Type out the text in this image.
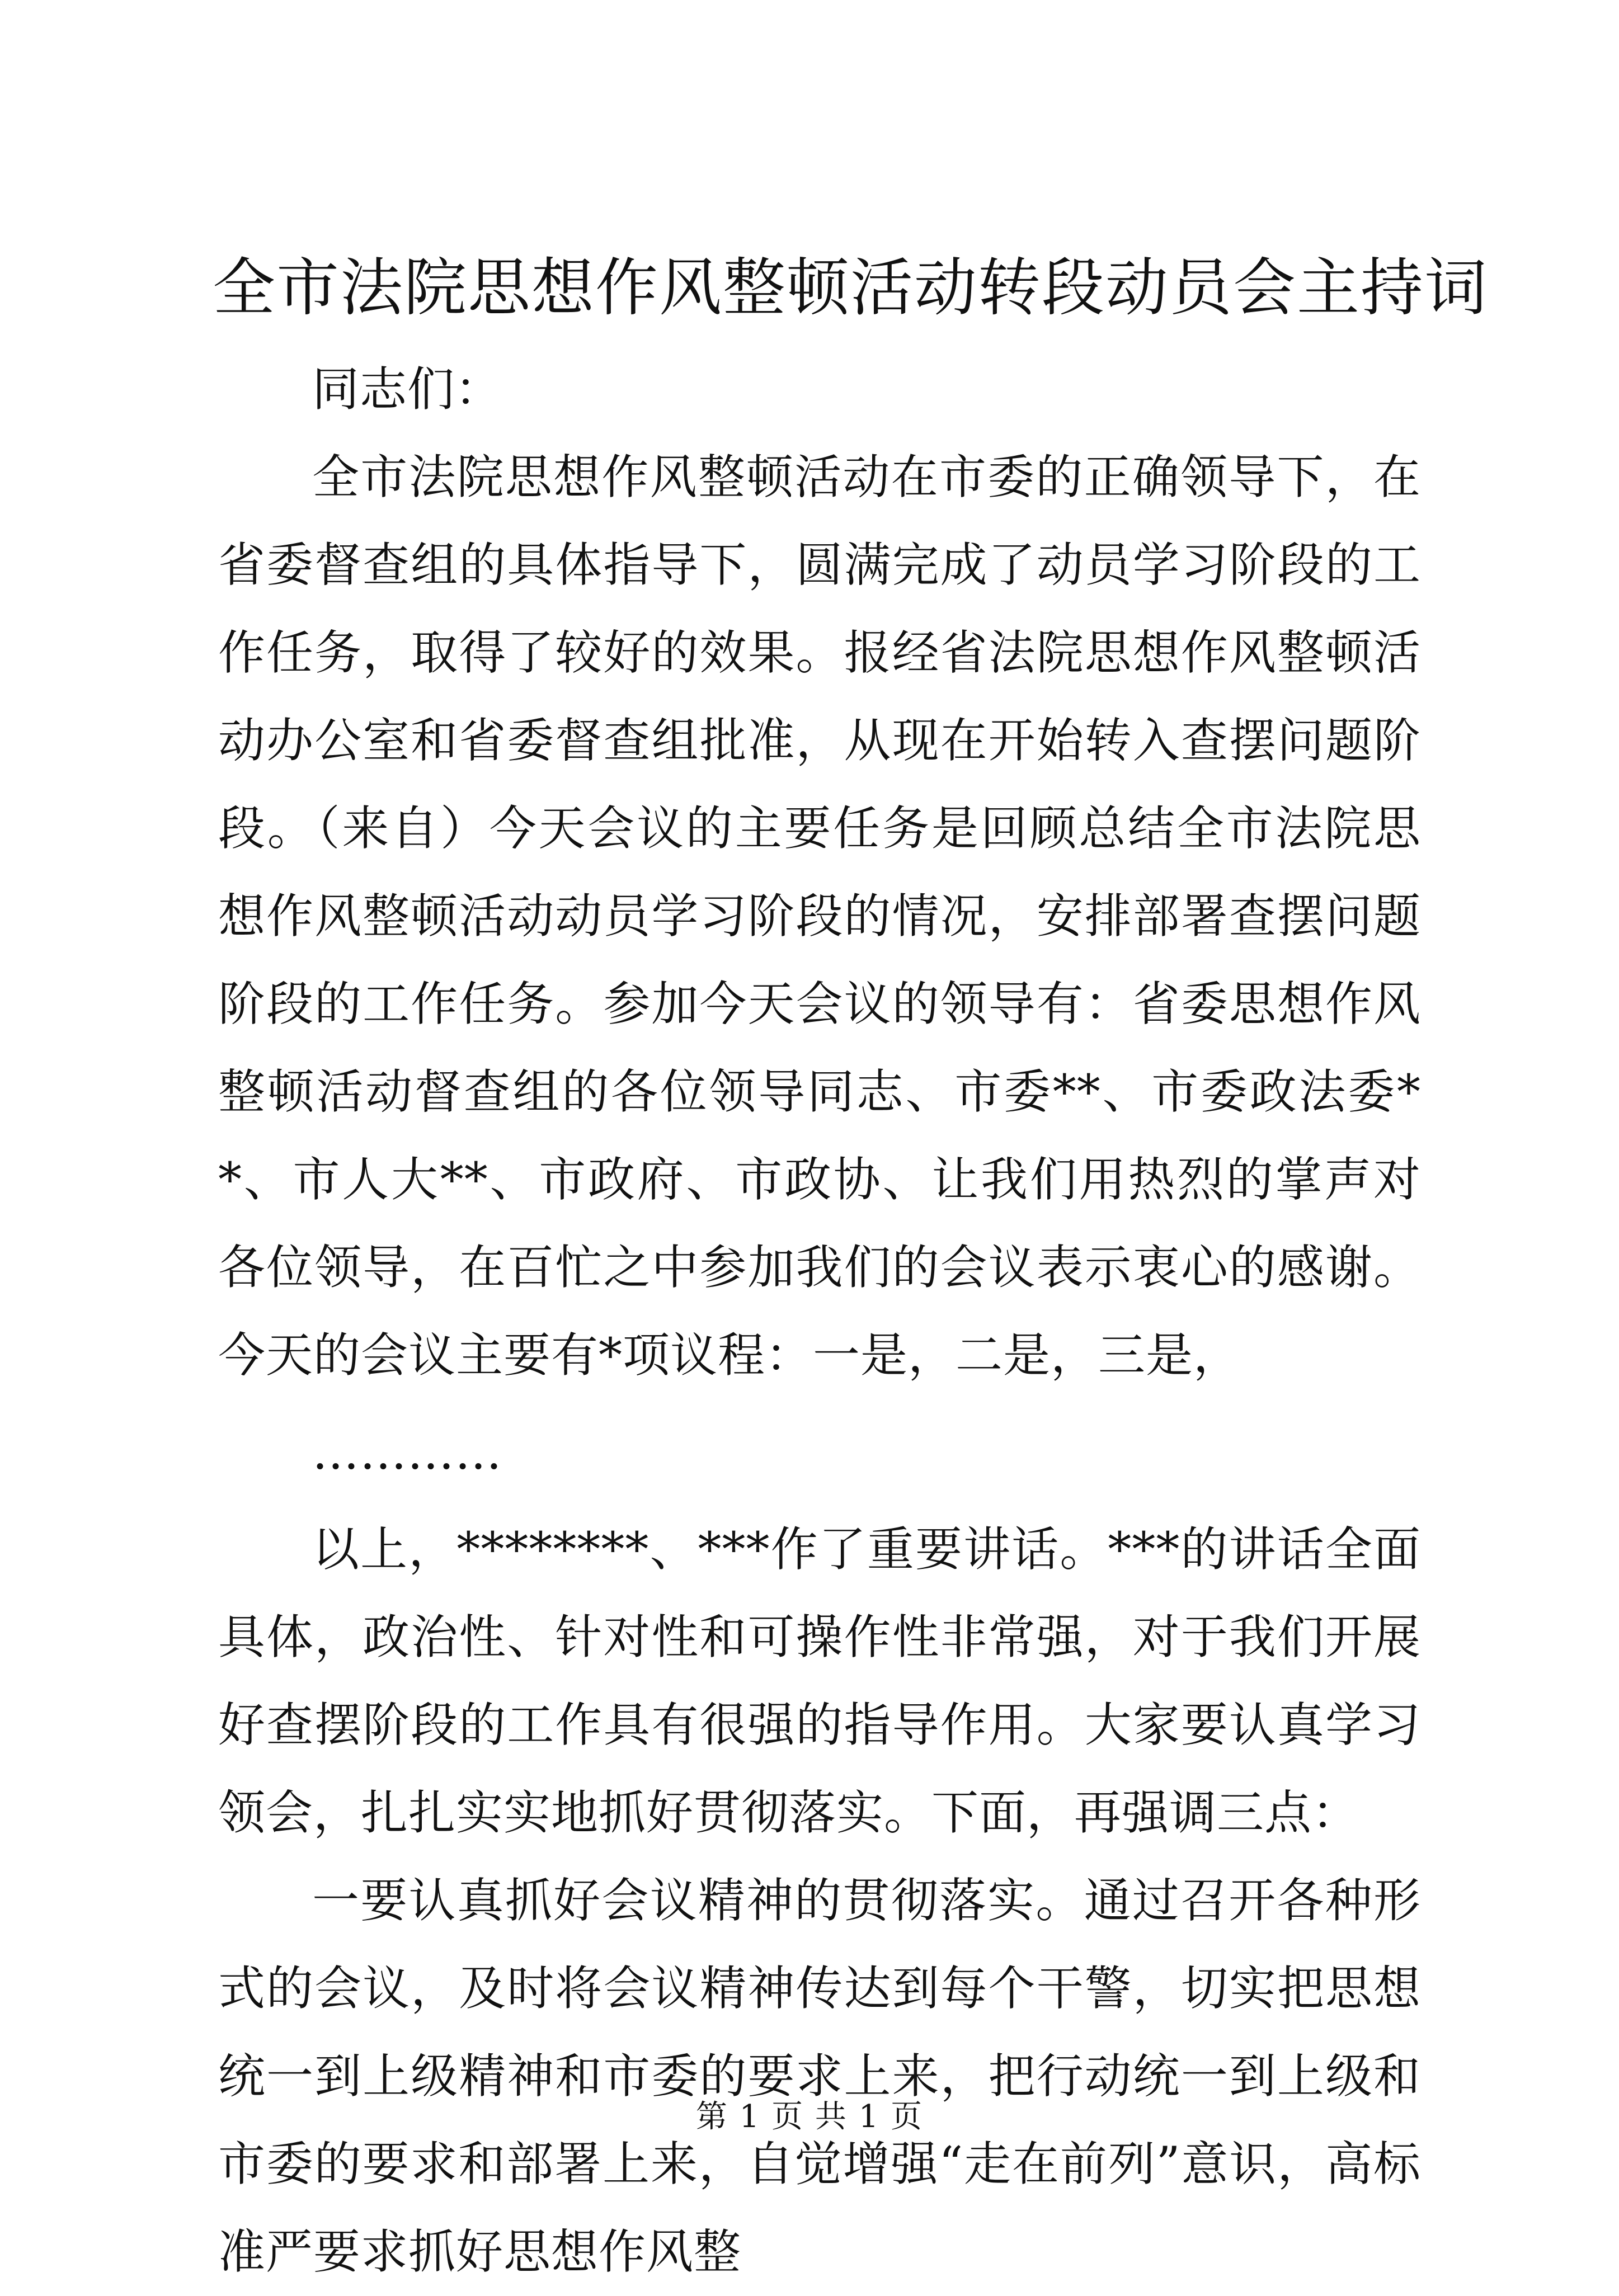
全市法院思想作风整顿活动转段动员会主持词

同志们：

全市法院思想作风整顿活动在市委的正确领导下，在省委督查组的具体指导下，圆满完成了动员学习阶段的工作任务，取得了较好的效果。报经省法院思想作风整顿活动办公室和省委督查组批准，从现在开始转入查摆问题阶段。（来自）今天会议的主要任务是回顾总结全市法院思想作风整顿活动动员学习阶段的情况，安排部署查摆问题阶段的工作任务。参加今天会议的领导有：省委思想作风整顿活动督查组的各位领导同志、市委**、市委政法委**、市人大**、市政府、市政协、让我们用热烈的掌声对各位领导，在百忙之中参加我们的会议表示衷心的感谢。今天的会议主要有*项议程：一是，二是，三是，

…………

以上，********、***作了重要讲话。***的讲话全面具体，政治性、针对性和可操作性非常强，对于我们开展好查摆阶段的工作具有很强的指导作用。大家要认真学习领会，扎扎实实地抓好贯彻落实。下面，再强调三点：

一要认真抓好会议精神的贯彻落实。通过召开各种形式的会议，及时将会议精神传达到每个干警，切实把思想统一到上级精神和市委的要求上来，把行动统一到上级和市委的要求和部署上来，自觉增强“走在前列”意识，高标准严要求抓好思想作风整

第 1 页 共 1 页
